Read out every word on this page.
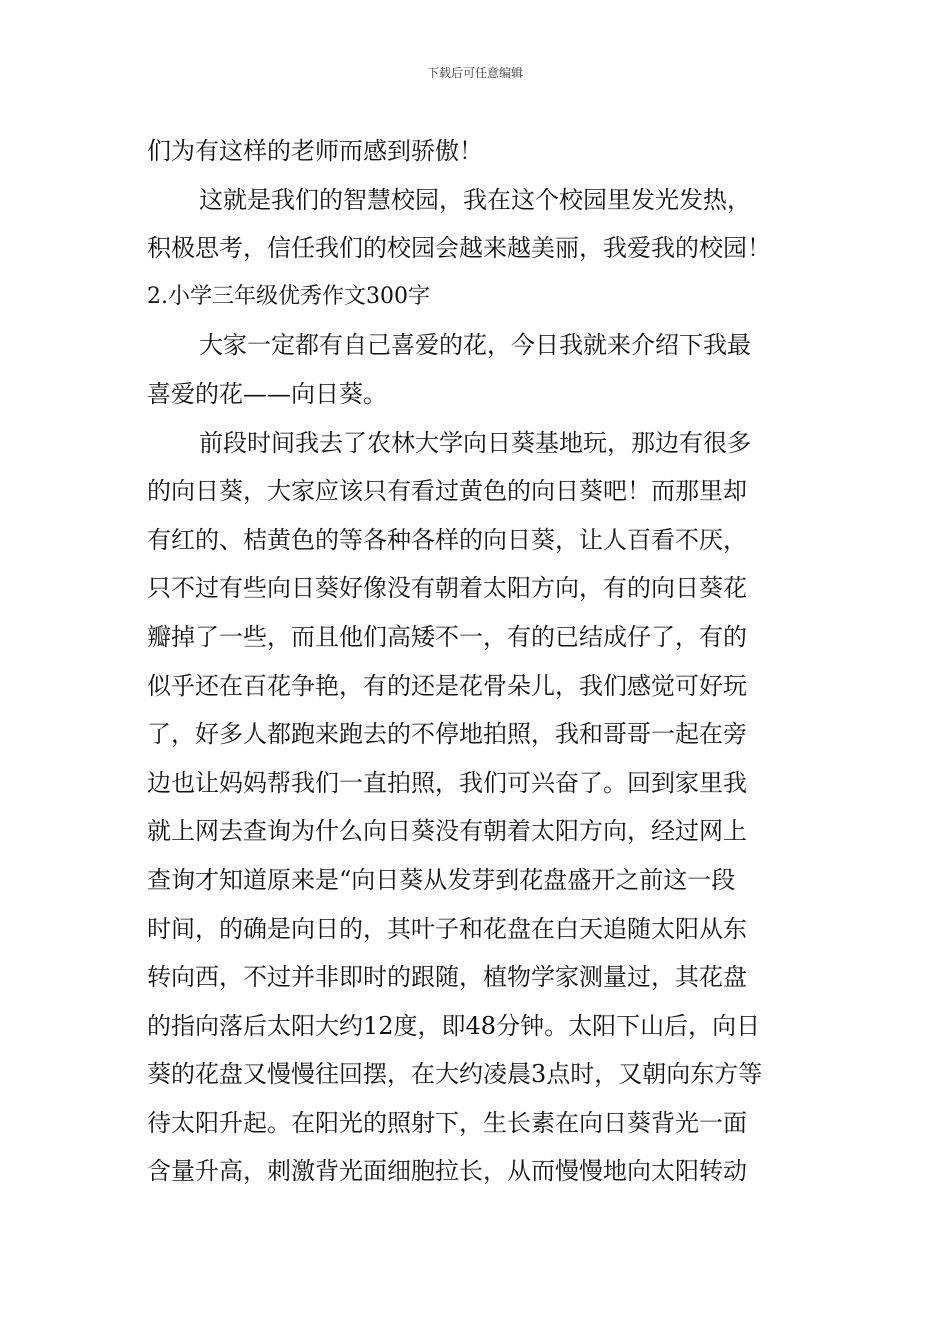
下载后可任意编辑
们为有这样的老师而感到骄傲！
这就是我们的智慧校园，我在这个校园里发光发热，
积极思考，信任我们的校园会越来越美丽，我爱我的校园！
2.小学三年级优秀作文300字
大家一定都有自己喜爱的花，今日我就来介绍下我最
喜爱的花——向日葵。
前段时间我去了农林大学向日葵基地玩，那边有很多
的向日葵，大家应该只有看过黄色的向日葵吧！而那里却
有红的、桔黄色的等各种各样的向日葵，让人百看不厌，
只不过有些向日葵好像没有朝着太阳方向，有的向日葵花
瓣掉了一些，而且他们高矮不一，有的已结成仔了，有的
似乎还在百花争艳，有的还是花骨朵儿，我们感觉可好玩
了，好多人都跑来跑去的不停地拍照，我和哥哥一起在旁
边也让妈妈帮我们一直拍照，我们可兴奋了。回到家里我
就上网去查询为什么向日葵没有朝着太阳方向，经过网上
查询才知道原来是“向日葵从发芽到花盘盛开之前这一段
时间，的确是向日的，其叶子和花盘在白天追随太阳从东
转向西，不过并非即时的跟随，植物学家测量过，其花盘
的指向落后太阳大约12度，即48分钟。太阳下山后，向日
葵的花盘又慢慢往回摆，在大约凌晨3点时，又朝向东方等
待太阳升起。在阳光的照射下，生长素在向日葵背光一面
含量升高，刺激背光面细胞拉长，从而慢慢地向太阳转动
